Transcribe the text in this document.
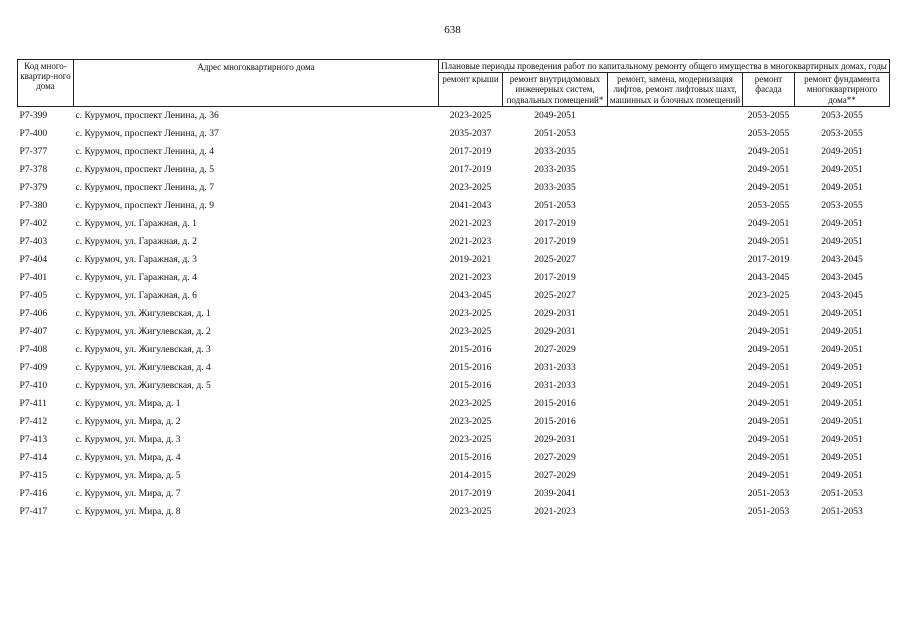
638
Код много-квартир-ного дома	Адрес многоквартирного дома	Плановые периоды проведения работ по капитальному ремонту общего имущества в многоквартирных домах, годы				
		ремонт крыши	ремонт внутридомовых инженерных систем, подвальных помещений*	ремонт, замена, модернизация лифтов, ремонт лифтовых шахт, машинных и блочных помещений	ремонт фасада	ремонт фундамента многоквартирного дома**
Р7-399	с. Курумоч, проспект Ленина, д. 36	2023-2025	2049-2051		2053-2055	2053-2055
Р7-400	с. Курумоч, проспект Ленина, д. 37	2035-2037	2051-2053		2053-2055	2053-2055
Р7-377	с. Курумоч, проспект Ленина, д. 4	2017-2019	2033-2035		2049-2051	2049-2051
Р7-378	с. Курумоч, проспект Ленина, д. 5	2017-2019	2033-2035		2049-2051	2049-2051
Р7-379	с. Курумоч, проспект Ленина, д. 7	2023-2025	2033-2035		2049-2051	2049-2051
Р7-380	с. Курумоч, проспект Ленина, д. 9	2041-2043	2051-2053		2053-2055	2053-2055
Р7-402	с. Курумоч, ул. Гаражная, д. 1	2021-2023	2017-2019		2049-2051	2049-2051
Р7-403	с. Курумоч, ул. Гаражная, д. 2	2021-2023	2017-2019		2049-2051	2049-2051
Р7-404	с. Курумоч, ул. Гаражная, д. 3	2019-2021	2025-2027		2017-2019	2043-2045
Р7-401	с. Курумоч, ул. Гаражная, д. 4	2021-2023	2017-2019		2043-2045	2043-2045
Р7-405	с. Курумоч, ул. Гаражная, д. 6	2043-2045	2025-2027		2023-2025	2043-2045
Р7-406	с. Курумоч, ул. Жигулевская, д. 1	2023-2025	2029-2031		2049-2051	2049-2051
Р7-407	с. Курумоч, ул. Жигулевская, д. 2	2023-2025	2029-2031		2049-2051	2049-2051
Р7-408	с. Курумоч, ул. Жигулевская, д. 3	2015-2016	2027-2029		2049-2051	2049-2051
Р7-409	с. Курумоч, ул. Жигулевская, д. 4	2015-2016	2031-2033		2049-2051	2049-2051
Р7-410	с. Курумоч, ул. Жигулевская, д. 5	2015-2016	2031-2033		2049-2051	2049-2051
Р7-411	с. Курумоч, ул. Мира, д. 1	2023-2025	2015-2016		2049-2051	2049-2051
Р7-412	с. Курумоч, ул. Мира, д. 2	2023-2025	2015-2016		2049-2051	2049-2051
Р7-413	с. Курумоч, ул. Мира, д. 3	2023-2025	2029-2031		2049-2051	2049-2051
Р7-414	с. Курумоч, ул. Мира, д. 4	2015-2016	2027-2029		2049-2051	2049-2051
Р7-415	с. Курумоч, ул. Мира, д. 5	2014-2015	2027-2029		2049-2051	2049-2051
Р7-416	с. Курумоч, ул. Мира, д. 7	2017-2019	2039-2041		2051-2053	2051-2053
Р7-417	с. Курумоч, ул. Мира, д. 8	2023-2025	2021-2023		2051-2053	2051-2053
